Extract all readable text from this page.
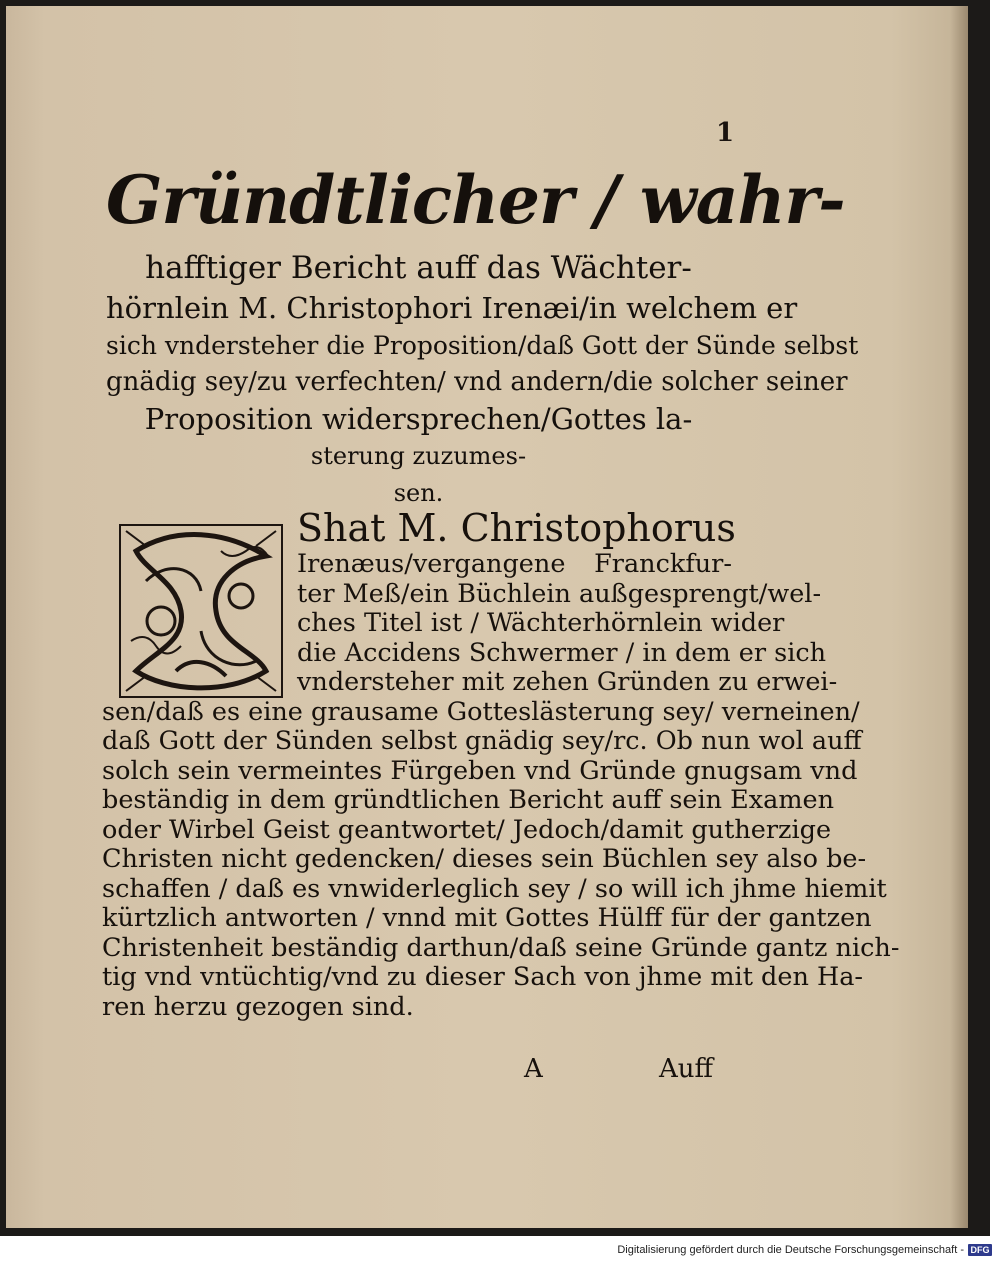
1
Gründtlicher / wahr-
hafftiger Bericht auff das Wächter-
hörnlein M. Christophori Irenæi/in welchem er
sich vndersteher die Proposition/daß Gott der Sünde selbst
gnädig sey/zu verfechten/ vnd andern/die solcher seiner
Proposition widersprechen/Gottes la-
sterung zuzumes-
sen.
Shat M. Christophorus
Irenæus/vergangene Franckfur-
ter Meß/ein Büchlein außgesprengt/wel-
ches Titel ist / Wächterhörnlein wider
die Accidens Schwermer / in dem er sich
vndersteher mit zehen Gründen zu erwei-
sen/daß es eine grausame Gotteslästerung sey/ verneinen/
daß Gott der Sünden selbst gnädig sey/rc. Ob nun wol auff
solch sein vermeintes Fürgeben vnd Gründe gnugsam vnd
beständig in dem gründtlichen Bericht auff sein Examen
oder Wirbel Geist geantwortet/ Jedoch/damit gutherzige
Christen nicht gedencken/ dieses sein Büchlen sey also be-
schaffen / daß es vnwiderleglich sey / so will ich jhme hiemit
kürtzlich antworten / vnnd mit Gottes Hülff für der gantzen
Christenheit beständig darthun/daß seine Gründe gantz nich-
tig vnd vntüchtig/vnd zu dieser Sach von jhme mit den Ha-
ren herzu gezogen sind.
A	Auff
Digitalisierung gefördert durch die Deutsche Forschungsgemeinschaft - DFG
